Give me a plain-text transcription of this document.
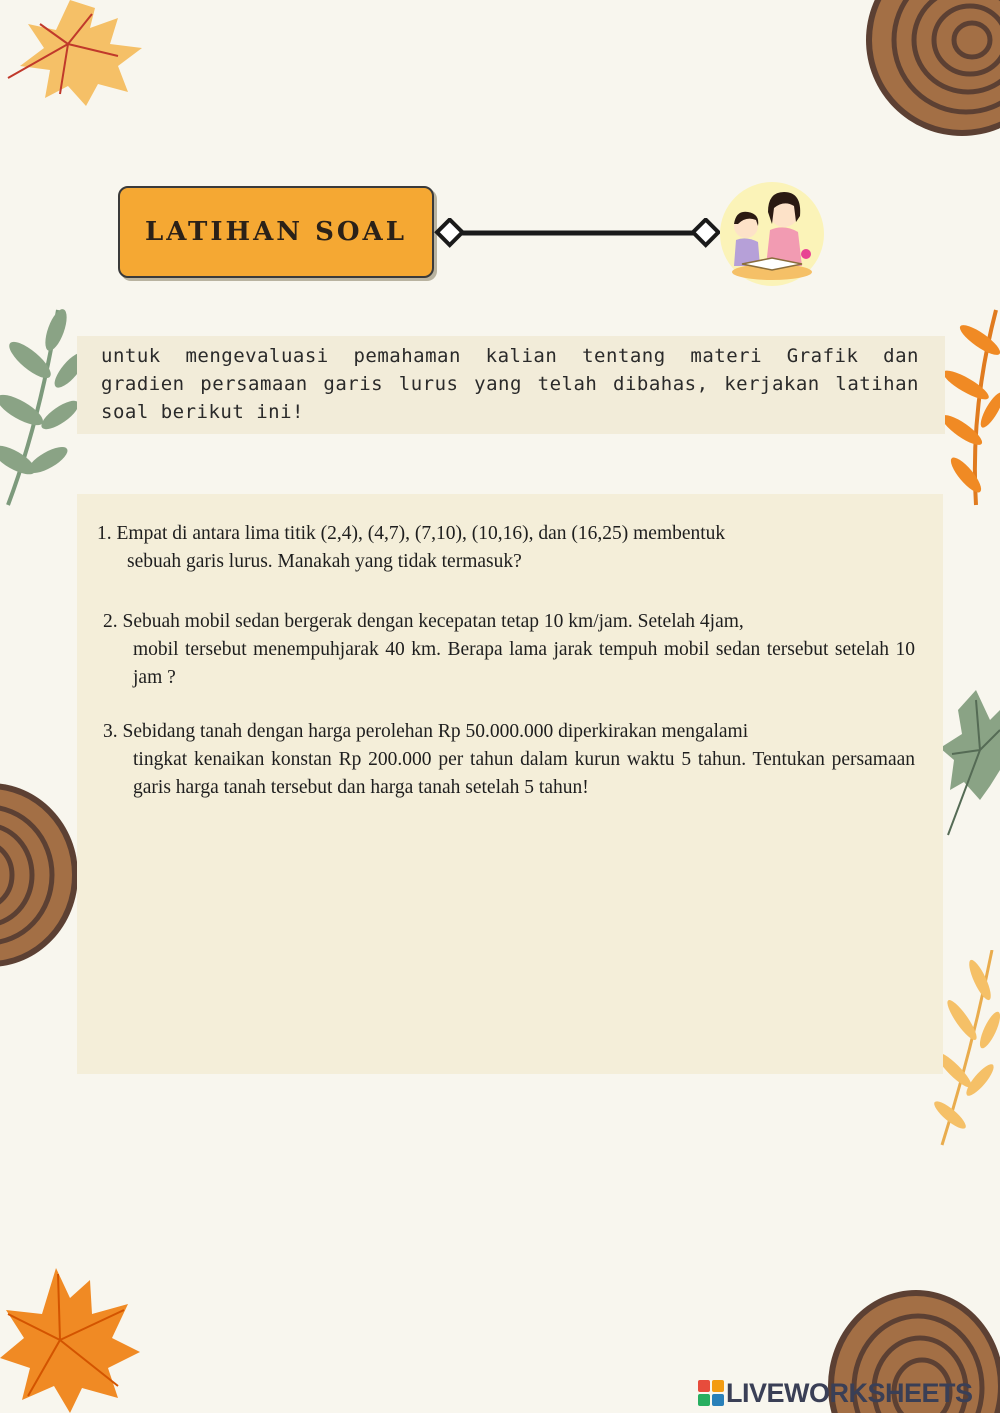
LATIHAN SOAL
untuk mengevaluasi pemahaman kalian tentang materi Grafik dan gradien persamaan garis lurus yang telah dibahas, kerjakan latihan soal berikut ini!
1. Empat di antara lima titik (2,4), (4,7), (7,10), (10,16), dan (16,25) membentuk
sebuah garis lurus. Manakah yang tidak termasuk?
2. Sebuah mobil sedan bergerak dengan kecepatan tetap 10 km/jam. Setelah 4jam,
mobil tersebut menempuhjarak 40 km. Berapa lama jarak tempuh mobil sedan tersebut setelah 10 jam ?
3. Sebidang tanah dengan harga perolehan Rp 50.000.000 diperkirakan mengalami
tingkat kenaikan konstan Rp 200.000 per tahun dalam kurun waktu 5 tahun. Tentukan persamaan garis harga tanah tersebut dan harga tanah setelah 5 tahun!
LIVEWORKSHEETS
